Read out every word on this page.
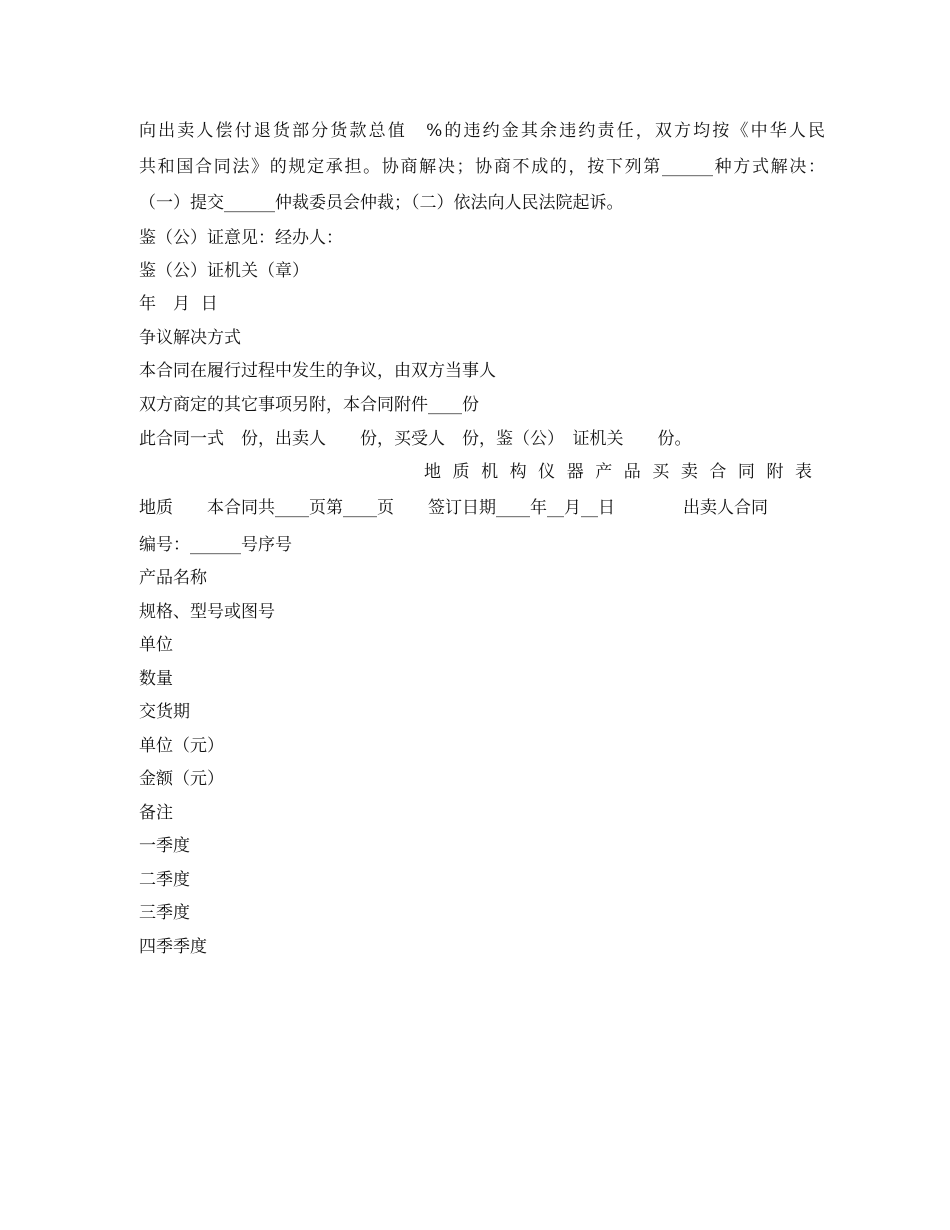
向出卖人偿付退货部分货款总值　%的违约金其余违约责任，双方均按《中华人民
共和国合同法》的规定承担。协商解决；协商不成的，按下列第______种方式解决：
（一）提交______仲裁委员会仲裁；（二）依法向人民法院起诉。
鉴（公）证意见：经办人：
鉴（公）证机关（章）
年　月  日
争议解决方式
本合同在履行过程中发生的争议，由双方当事人
双方商定的其它事项另附，本合同附件____份
此合同一式　份，出卖人　　份，买受人　份，鉴（公）　证机关　　份。
地质机构仪器产品买卖合同附表
地质　　本合同共____页第____页　　签订日期____年__月__日　　　　出卖人合同
编号：______号序号
产品名称
规格、型号或图号
单位
数量
交货期
单位（元）
金额（元）
备注
一季度
二季度
三季度
四季季度
